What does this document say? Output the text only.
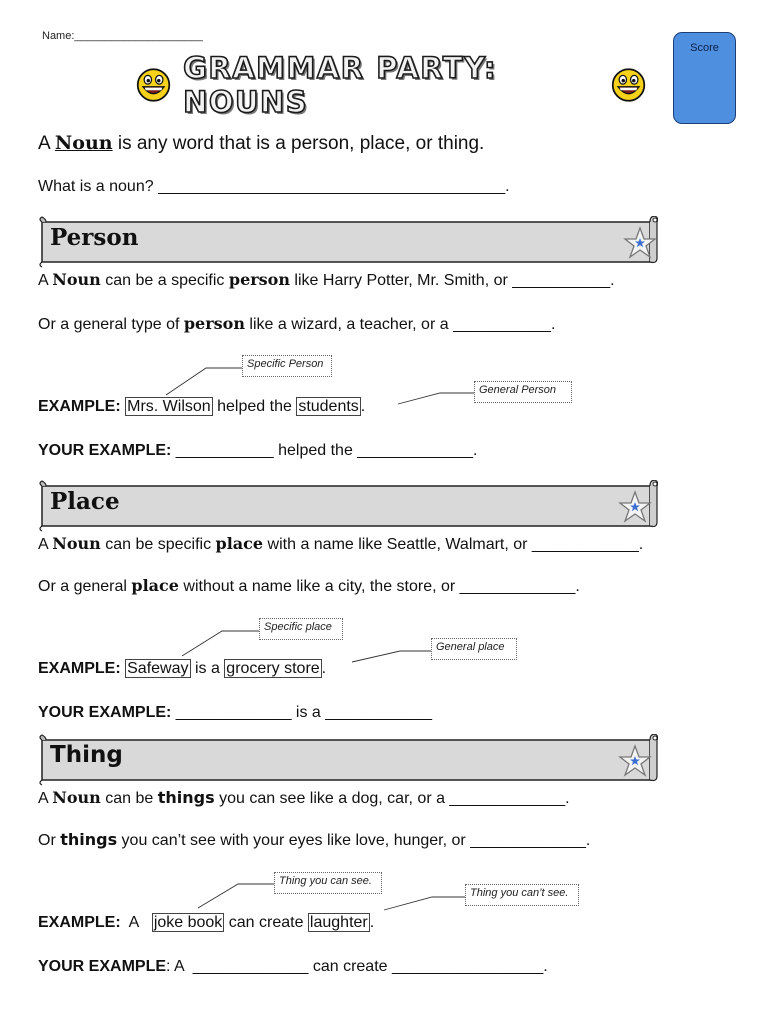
Name:_____________________
Score
GRAMMAR PARTY: NOUNS
A Noun is any word that is a person, place, or thing.
What is a noun? _______________________________________.
Person
A Noun can be a specific person like Harry Potter, Mr. Smith, or ___________.
Or a general type of person like a wizard, a teacher, or a ___________.
Specific Person
General Person
EXAMPLE: Mrs. Wilson helped the students .
YOUR EXAMPLE: ___________ helped the _____________.
Place
A Noun can be specific place with a name like Seattle, Walmart, or ____________.
Or a general place without a name like a city, the store, or _____________.
Specific place
General place
EXAMPLE: Safeway is a grocery store .
YOUR EXAMPLE: _____________ is a ____________
Thing
A Noun can be things you can see like a dog, car, or a _____________.
Or things you can’t see with your eyes like love, hunger, or _____________.
Thing you can see.
Thing you can’t see.
EXAMPLE:  A   joke book can create laughter .
YOUR EXAMPLE: A  _____________ can create _________________.
